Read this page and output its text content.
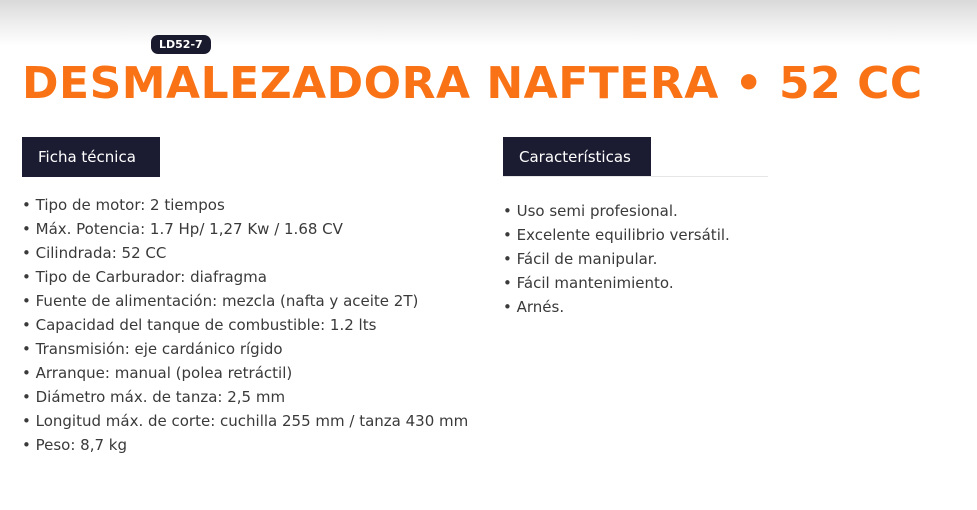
LD52-7
DESMALEZADORA NAFTERA • 52 CC
Ficha técnica	Características
• Tipo de motor: 2 tiempos
• Máx. Potencia: 1.7 Hp/ 1,27 Kw / 1.68 CV
• Cilindrada: 52 CC
• Tipo de Carburador: diafragma
• Fuente de alimentación: mezcla (nafta y aceite 2T)
• Capacidad del tanque de combustible: 1.2 lts
• Transmisión: eje cardánico rígido
• Arranque: manual (polea retráctil)
• Diámetro máx. de tanza: 2,5 mm
• Longitud máx. de corte: cuchilla 255 mm / tanza 430 mm
• Peso: 8,7 kg
• Uso semi profesional.
• Excelente equilibrio versátil.
• Fácil de manipular.
• Fácil mantenimiento.
• Arnés.
